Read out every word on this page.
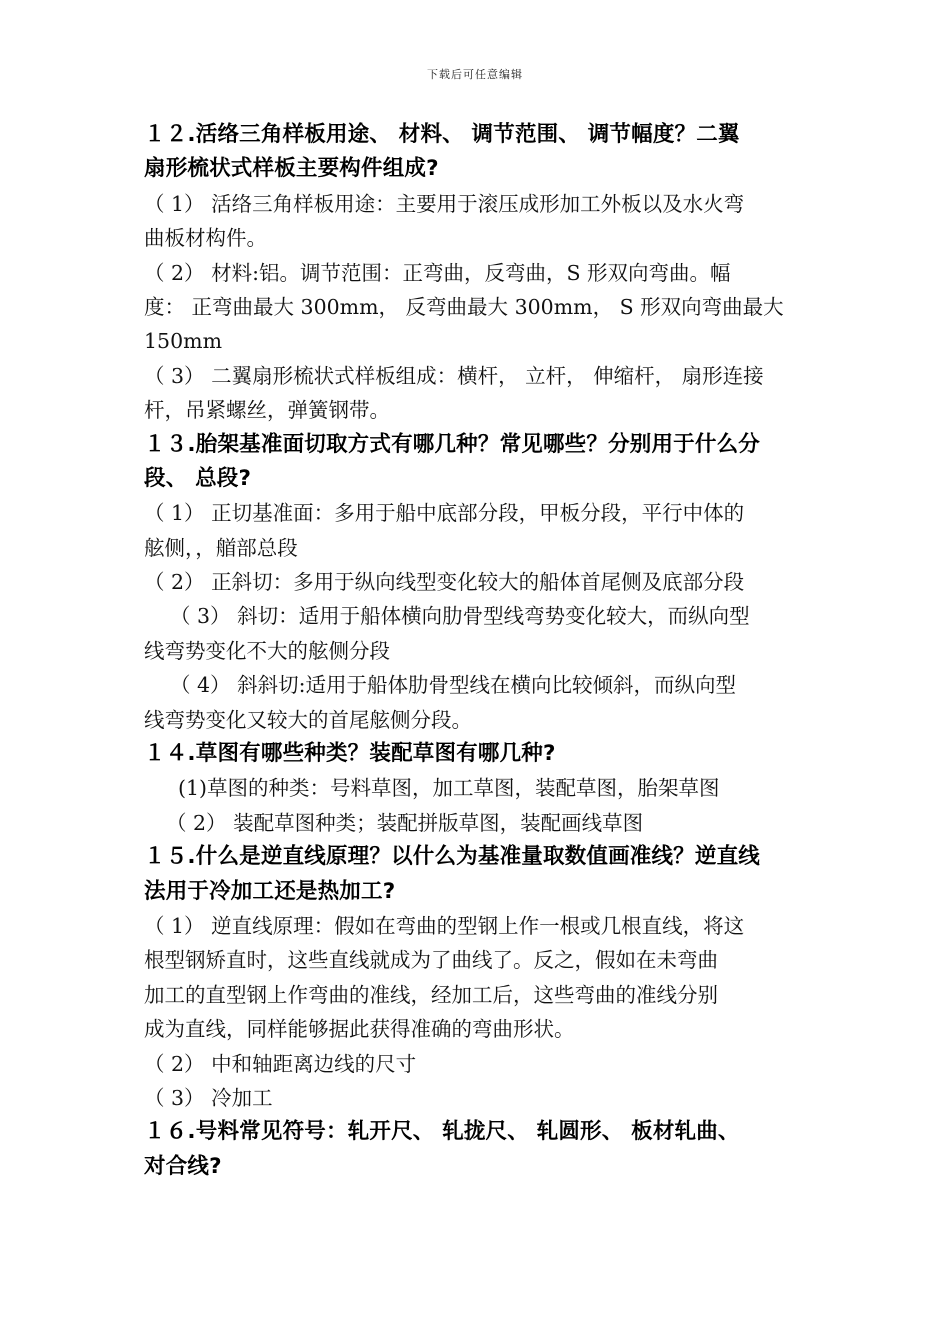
下载后可任意编辑
１２.活络三角样板用途、 材料、 调节范围、 调节幅度？二翼
扇形梳状式样板主要构件组成?
（ 1） 活络三角样板用途：主要用于滚压成形加工外板以及水火弯
曲板材构件。
（ 2） 材料:铝。调节范围：正弯曲，反弯曲，S 形双向弯曲。幅
度： 正弯曲最大 300mm， 反弯曲最大 300mm， S 形双向弯曲最大
150mm
（ 3） 二翼扇形梳状式样板组成：横杆， 立杆， 伸缩杆， 扇形连接
杆，吊紧螺丝，弹簧钢带。
１３.胎架基准面切取方式有哪几种？常见哪些？分别用于什么分
段、 总段?
（ 1） 正切基准面：多用于船中底部分段，甲板分段，平行中体的
舷侧，，艏部总段
（ 2） 正斜切：多用于纵向线型变化较大的船体首尾侧及底部分段
（ 3） 斜切：适用于船体横向肋骨型线弯势变化较大，而纵向型
线弯势变化不大的舷侧分段
（ 4） 斜斜切:适用于船体肋骨型线在横向比较倾斜，而纵向型
线弯势变化又较大的首尾舷侧分段。
１４.草图有哪些种类？装配草图有哪几种?
(1)草图的种类：号料草图，加工草图，装配草图，胎架草图
（ 2） 装配草图种类；装配拼版草图，装配画线草图
１５.什么是逆直线原理？以什么为基准量取数值画准线？逆直线
法用于冷加工还是热加工?
（ 1） 逆直线原理：假如在弯曲的型钢上作一根或几根直线，将这
根型钢矫直时，这些直线就成为了曲线了。反之，假如在未弯曲
加工的直型钢上作弯曲的准线，经加工后，这些弯曲的准线分别
成为直线，同样能够据此获得准确的弯曲形状。
（ 2） 中和轴距离边线的尺寸
（ 3） 冷加工
１６.号料常见符号：轧开尺、 轧拢尺、 轧圆形、 板材轧曲、
对合线?
